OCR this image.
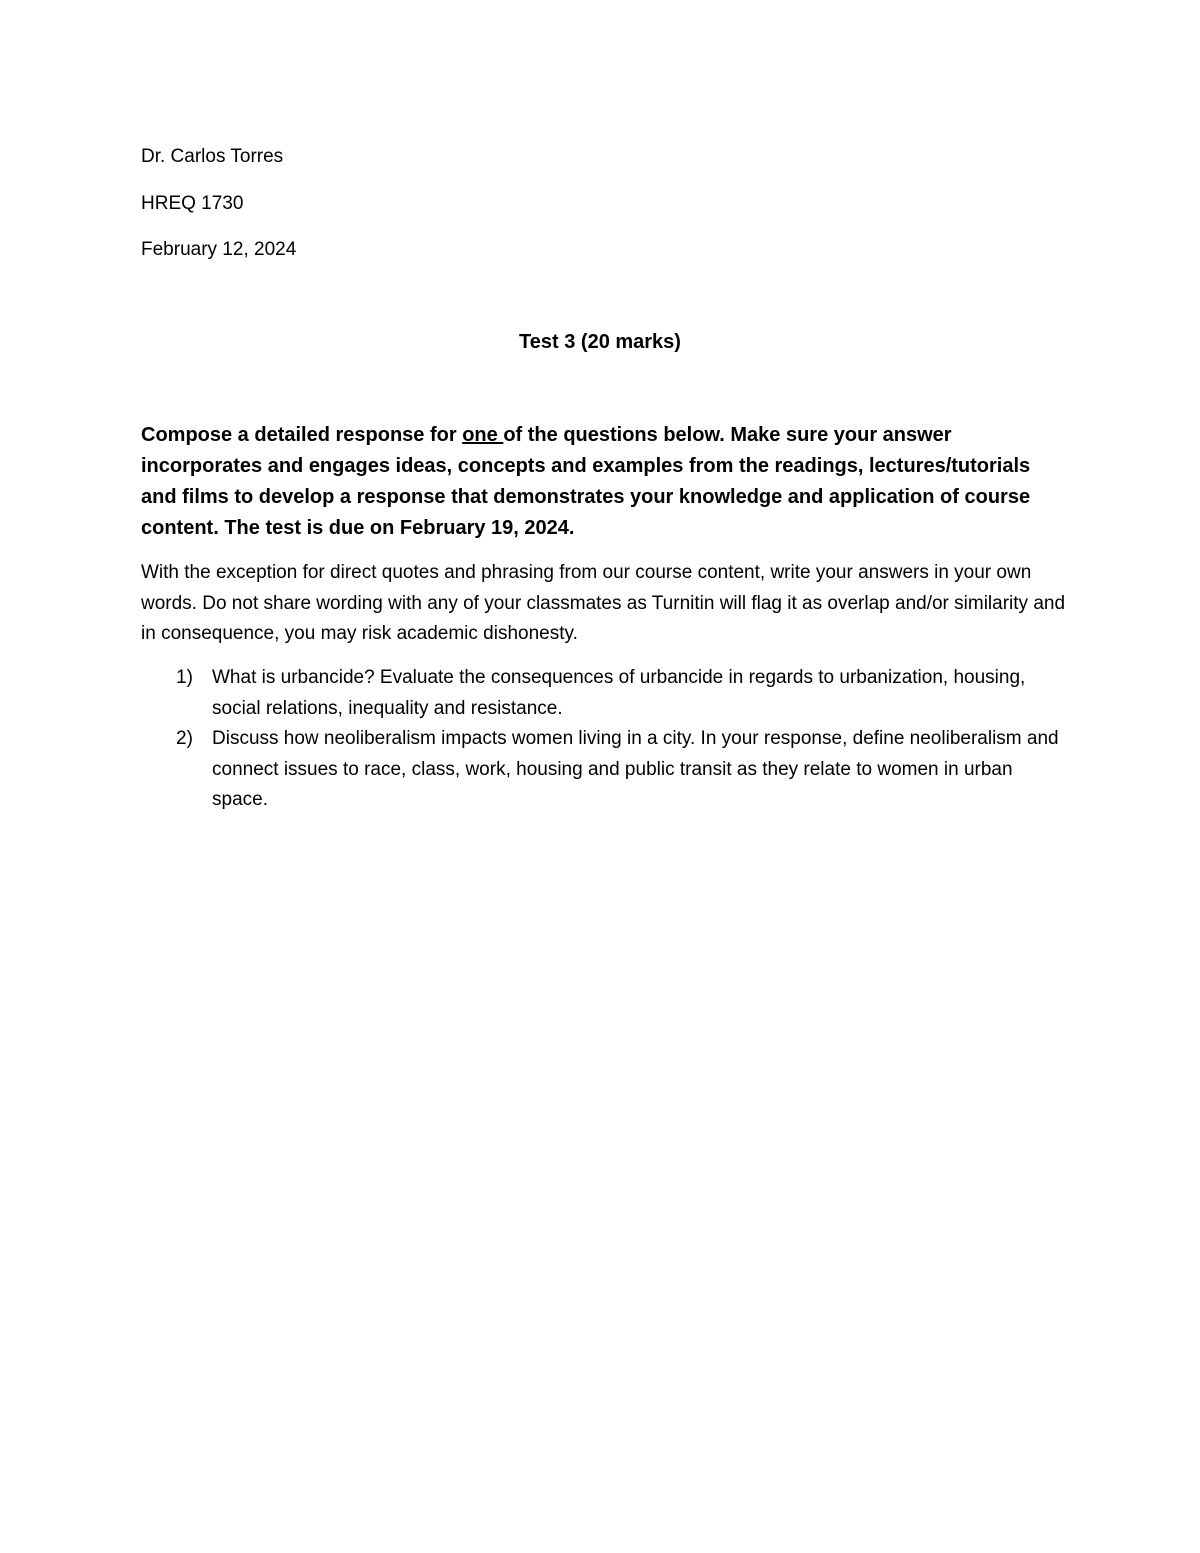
Dr. Carlos Torres
HREQ 1730
February 12, 2024
Test 3 (20 marks)
Compose a detailed response for one of the questions below. Make sure your answer incorporates and engages ideas, concepts and examples from the readings, lectures/tutorials and films to develop a response that demonstrates your knowledge and application of course content. The test is due on February 19, 2024.
With the exception for direct quotes and phrasing from our course content, write your answers in your own words. Do not share wording with any of your classmates as Turnitin will flag it as overlap and/or similarity and in consequence, you may risk academic dishonesty.
1) What is urbancide? Evaluate the consequences of urbancide in regards to urbanization, housing, social relations, inequality and resistance.
2) Discuss how neoliberalism impacts women living in a city. In your response, define neoliberalism and connect issues to race, class, work, housing and public transit as they relate to women in urban space.
